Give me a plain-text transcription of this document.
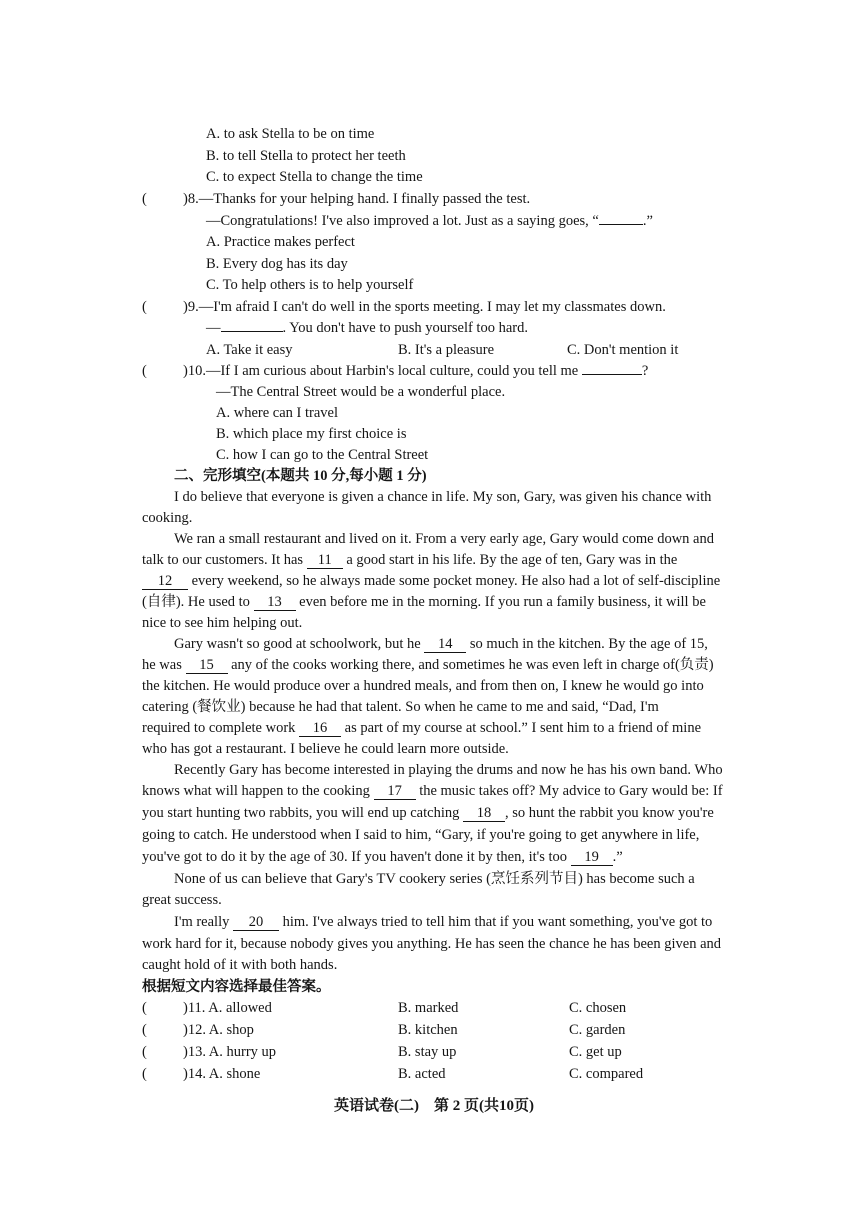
A. to ask Stella to be on time
B. to tell Stella to protect her teeth
C. to expect Stella to change the time
( )8.—Thanks for your helping hand. I finally passed the test.
—Congratulations! I've also improved a lot. Just as a saying goes, “	.”
A. Practice makes perfect
B. Every dog has its day
C. To help others is to help yourself
( )9.—I'm afraid I can't do well in the sports meeting. I may let my classmates down.
—	. You don't have to push yourself too hard.
A. Take it easy	B. It's a pleasure	C. Don't mention it
( )10.—If I am curious about Harbin's local culture, could you tell me	?
—The Central Street would be a wonderful place.
A. where can I travel
B. which place my first choice is
C. how I can go to the Central Street
二、完形填空(本题共 10 分,每小题 1 分)
I do believe that everyone is given a chance in life. My son, Gary, was given his chance with
cooking.
We ran a small restaurant and lived on it. From a very early age, Gary would come down and
talk to our customers. It has 11 a good start in his life. By the age of ten, Gary was in the
12 every weekend, so he always made some pocket money. He also had a lot of self-discipline
(自律). He used to 13 even before me in the morning. If you run a family business, it will be
nice to see him helping out.
Gary wasn't so good at schoolwork, but he 14 so much in the kitchen. By the age of 15,
he was 15 any of the cooks working there, and sometimes he was even left in charge of(负责)
the kitchen. He would produce over a hundred meals, and from then on, I knew he would go into
catering (餐饮业) because he had that talent. So when he came to me and said, “Dad, I'm
required to complete work 16 as part of my course at school.” I sent him to a friend of mine
who has got a restaurant. I believe he could learn more outside.
Recently Gary has become interested in playing the drums and now he has his own band. Who
knows what will happen to the cooking 17 the music takes off? My advice to Gary would be: If
you start hunting two rabbits, you will end up catching 18 , so hunt the rabbit you know you're
going to catch. He understood when I said to him, “Gary, if you're going to get anywhere in life,
you've got to do it by the age of 30. If you haven't done it by then, it's too 19 .”
None of us can believe that Gary's TV cookery series (烹饪系列节目) has become such a
great success.
I'm really 20 him. I've always tried to tell him that if you want something, you've got to
work hard for it, because nobody gives you anything. He has seen the chance he has been given and
caught hold of it with both hands.
根据短文内容选择最佳答案。
( )11. A. allowed	B. marked	C. chosen
( )12. A. shop	B. kitchen	C. garden
( )13. A. hurry up	B. stay up	C. get up
( )14. A. shone	B. acted	C. compared
英语试卷(二)　第 2 页(共10页)
